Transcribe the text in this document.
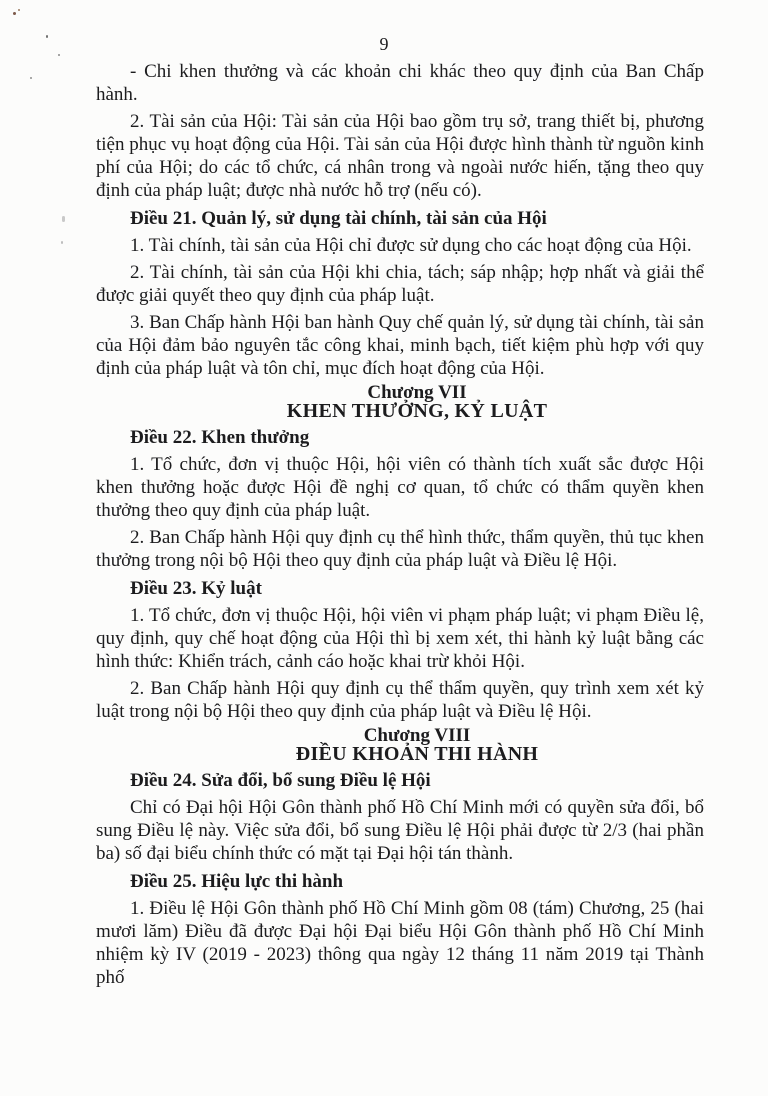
9

- Chi khen thưởng và các khoản chi khác theo quy định của Ban Chấp hành.

2. Tài sản của Hội: Tài sản của Hội bao gồm trụ sở, trang thiết bị, phương tiện phục vụ hoạt động của Hội. Tài sản của Hội được hình thành từ nguồn kinh phí của Hội; do các tổ chức, cá nhân trong và ngoài nước hiến, tặng theo quy định của pháp luật; được nhà nước hỗ trợ (nếu có).

Điều 21. Quản lý, sử dụng tài chính, tài sản của Hội

1. Tài chính, tài sản của Hội chỉ được sử dụng cho các hoạt động của Hội.

2. Tài chính, tài sản của Hội khi chia, tách; sáp nhập; hợp nhất và giải thể được giải quyết theo quy định của pháp luật.

3. Ban Chấp hành Hội ban hành Quy chế quản lý, sử dụng tài chính, tài sản của Hội đảm bảo nguyên tắc công khai, minh bạch, tiết kiệm phù hợp với quy định của pháp luật và tôn chỉ, mục đích hoạt động của Hội.

Chương VII

KHEN THƯỞNG, KỶ LUẬT

Điều 22. Khen thưởng

1. Tổ chức, đơn vị thuộc Hội, hội viên có thành tích xuất sắc được Hội khen thưởng hoặc được Hội đề nghị cơ quan, tổ chức có thẩm quyền khen thưởng theo quy định của pháp luật.

2. Ban Chấp hành Hội quy định cụ thể hình thức, thẩm quyền, thủ tục khen thưởng trong nội bộ Hội theo quy định của pháp luật và Điều lệ Hội.

Điều 23. Kỷ luật

1. Tổ chức, đơn vị thuộc Hội, hội viên vi phạm pháp luật; vi phạm Điều lệ, quy định, quy chế hoạt động của Hội thì bị xem xét, thi hành kỷ luật bằng các hình thức: Khiển trách, cảnh cáo hoặc khai trừ khỏi Hội.

2. Ban Chấp hành Hội quy định cụ thể thẩm quyền, quy trình xem xét kỷ luật trong nội bộ Hội theo quy định của pháp luật và Điều lệ Hội.

Chương VIII

ĐIỀU KHOẢN THI HÀNH

Điều 24. Sửa đổi, bổ sung Điều lệ Hội

Chỉ có Đại hội Hội Gôn thành phố Hồ Chí Minh mới có quyền sửa đổi, bổ sung Điều lệ này. Việc sửa đổi, bổ sung Điều lệ Hội phải được từ 2/3 (hai phần ba) số đại biểu chính thức có mặt tại Đại hội tán thành.

Điều 25. Hiệu lực thi hành

1. Điều lệ Hội Gôn thành phố Hồ Chí Minh gồm 08 (tám) Chương, 25 (hai mươi lăm) Điều đã được Đại hội Đại biểu Hội Gôn thành phố Hồ Chí Minh nhiệm kỳ IV (2019 - 2023) thông qua ngày 12 tháng 11 năm 2019 tại Thành phố
